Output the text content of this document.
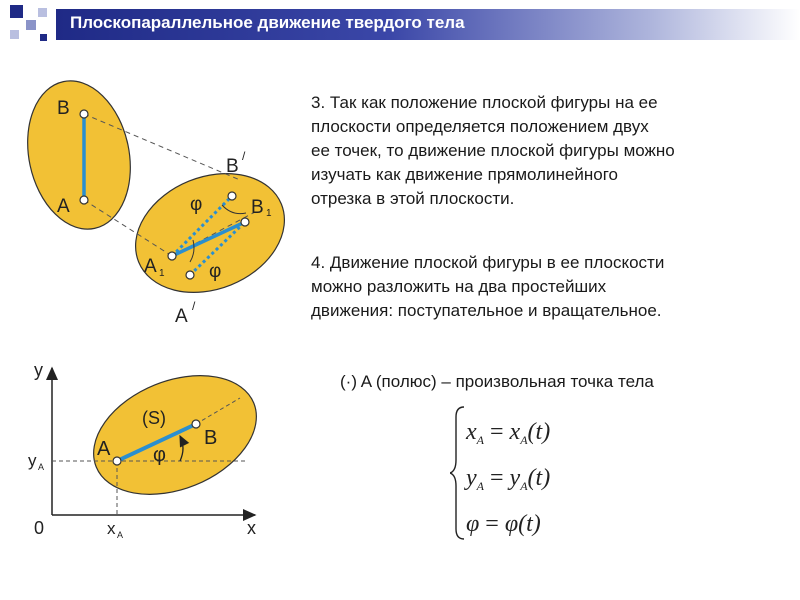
Плоскопараллельное движение твердого тела
3. Так как положение плоской фигуры на ее
плоскости определяется положением двух
ее точек, то движение плоской фигуры можно
изучать как движение прямолинейного
отрезка в этой плоскости.
4. Движение плоской фигуры в ее плоскости
можно разложить на два простейших
движения: поступательное и вращательное.
(·) A (полюс) – произвольная точка тела
B
A
B /
B 1
A 1
A /
φ
φ
y
x
0
y A
x A
(S)
A	B
φ
$x_A = x_A(t)$
$y_A = y_A(t)$
φ = φ(t)
